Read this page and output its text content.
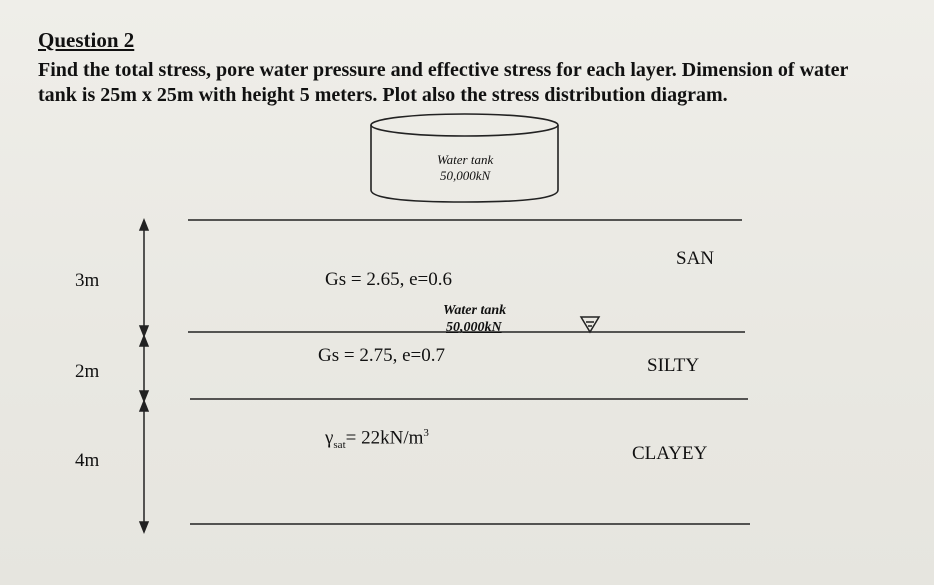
Question 2
Find the total stress, pore water pressure and effective stress for each layer. Dimension of water tank is 25m x 25m with height 5 meters. Plot also the stress distribution diagram.
Water tank
50,000kN
Water tank
50,000kN
3m
2m
4m
Gs = 2.65, e=0.6
Gs = 2.75, e=0.7
$\gamma_{sat}= 22kN/m^3$
SAN
SILTY
CLAYEY
